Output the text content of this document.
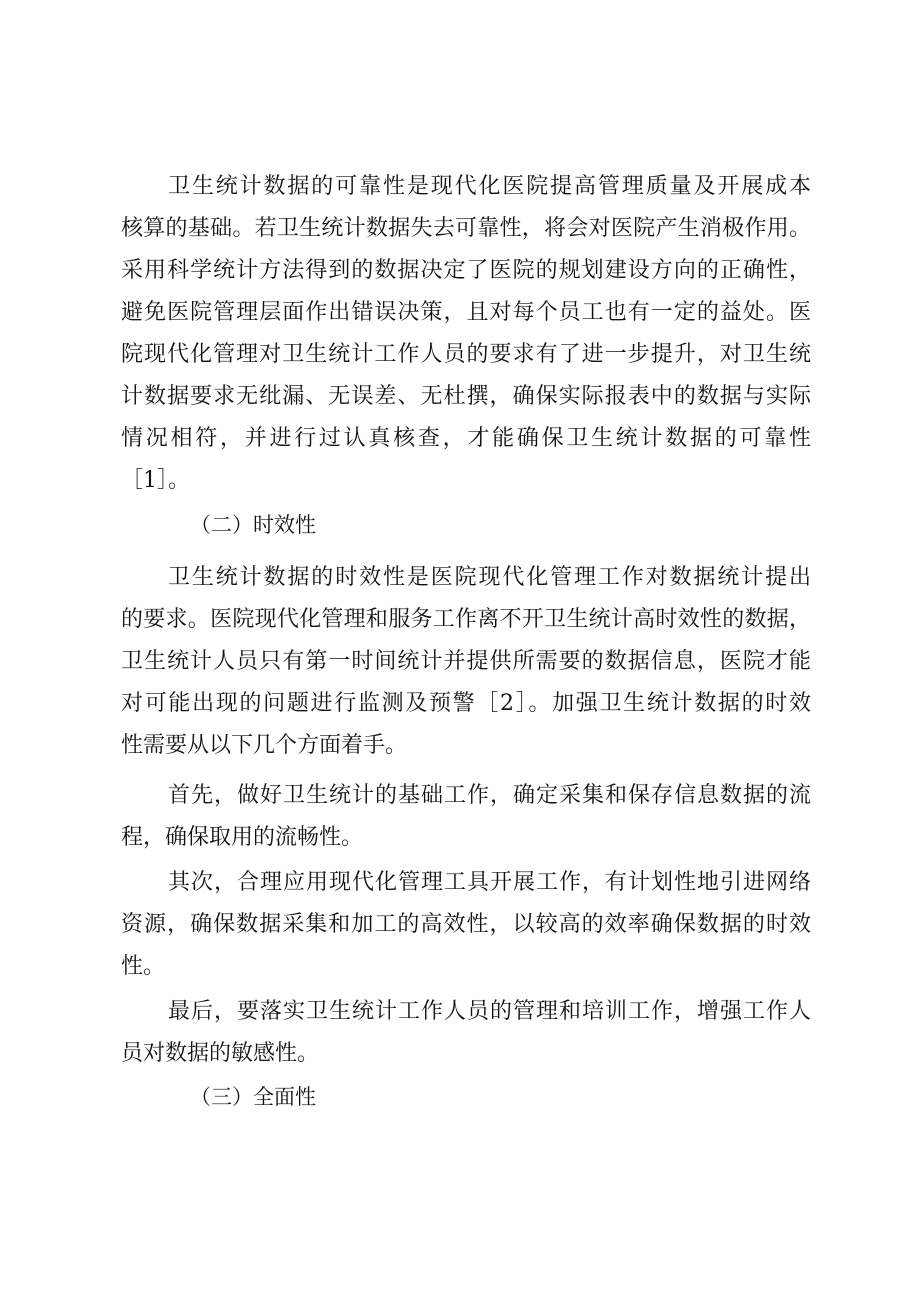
卫生统计数据的可靠性是现代化医院提高管理质量及开展成本
核算的基础。若卫生统计数据失去可靠性，将会对医院产生消极作用。
采用科学统计方法得到的数据决定了医院的规划建设方向的正确性，
避免医院管理层面作出错误决策，且对每个员工也有一定的益处。医
院现代化管理对卫生统计工作人员的要求有了进一步提升，对卫生统
计数据要求无纰漏、无误差、无杜撰，确保实际报表中的数据与实际
情况相符，并进行过认真核查，才能确保卫生统计数据的可靠性
［1］。
（二）时效性
卫生统计数据的时效性是医院现代化管理工作对数据统计提出
的要求。医院现代化管理和服务工作离不开卫生统计高时效性的数据，
卫生统计人员只有第一时间统计并提供所需要的数据信息，医院才能
对可能出现的问题进行监测及预警［2］。加强卫生统计数据的时效
性需要从以下几个方面着手。
首先，做好卫生统计的基础工作，确定采集和保存信息数据的流
程，确保取用的流畅性。
其次，合理应用现代化管理工具开展工作，有计划性地引进网络
资源，确保数据采集和加工的高效性，以较高的效率确保数据的时效
性。
最后，要落实卫生统计工作人员的管理和培训工作，增强工作人
员对数据的敏感性。
（三）全面性
